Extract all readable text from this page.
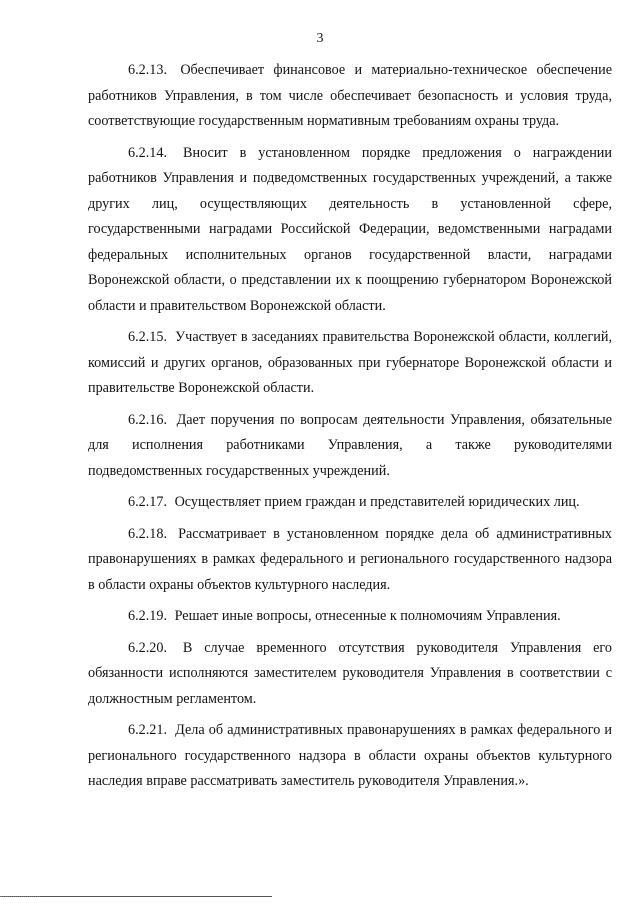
3

6.2.13. Обеспечивает финансовое и материально-техническое обеспечение работников Управления, в том числе обеспечивает безопасность и условия труда, соответствующие государственным нормативным требованиям охраны труда.

6.2.14. Вносит в установленном порядке предложения о награждении работников Управления и подведомственных государственных учреждений, а также других лиц, осуществляющих деятельность в установленной сфере, государственными наградами Российской Федерации, ведомственными наградами федеральных исполнительных органов государственной власти, наградами Воронежской области, о представлении их к поощрению губернатором Воронежской области и правительством Воронежской области.

6.2.15. Участвует в заседаниях правительства Воронежской области, коллегий, комиссий и других органов, образованных при губернаторе Воронежской области и правительстве Воронежской области.

6.2.16. Дает поручения по вопросам деятельности Управления, обязательные для исполнения работниками Управления, а также руководителями подведомственных государственных учреждений.

6.2.17. Осуществляет прием граждан и представителей юридических лиц.

6.2.18. Рассматривает в установленном порядке дела об административных правонарушениях в рамках федерального и регионального государственного надзора в области охраны объектов культурного наследия.

6.2.19. Решает иные вопросы, отнесенные к полномочиям Управления.

6.2.20. В случае временного отсутствия руководителя Управления его обязанности исполняются заместителем руководителя Управления в соответствии с должностным регламентом.

6.2.21. Дела об административных правонарушениях в рамках федерального и регионального государственного надзора в области охраны объектов культурного наследия вправе рассматривать заместитель руководителя Управления.».
